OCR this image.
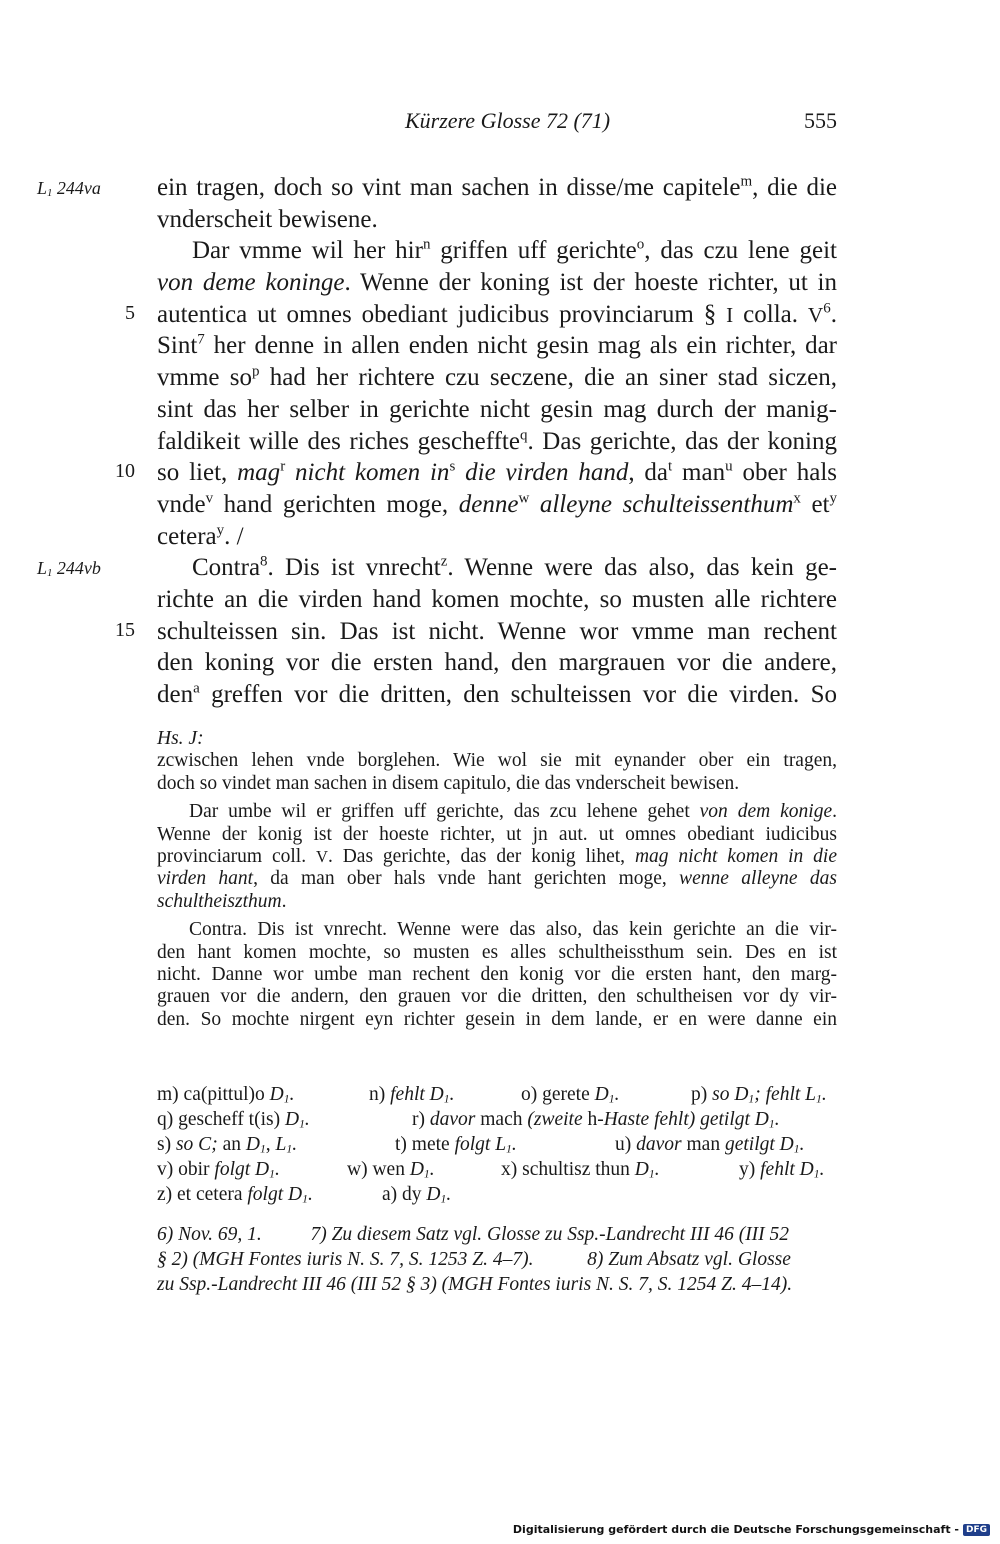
Kürzere Glosse 72 (71)	555
$L_1$ 244va
$L_1$ 244vb
5
10
15
ein tragen, doch so vint man sachen in disse/me capitele$^m$, die die
vnderscheit bewisene.
Dar vmme wil her hir$^n$ griffen uff gerichte$^o$, das czu lene geit
von deme koninge. Wenne der koning ist der hoeste richter, ut in
autentica ut omnes obediant judicibus provinciarum § I colla. $V^6$.
Sint$^7$ her denne in allen enden nicht gesin mag als ein richter, dar
vmme $so^p$ had her richtere czu seczene, die an siner stad siczen,
sint das her selber in gerichte nicht gesin mag durch der manig-
faldikeit wille des riches gescheffte$^q$. Das gerichte, das der koning
so liet, mag$^r$ nicht komen $in^s$ die virden hand, $da^t$ man$^u$ ober hals
vnde$^v$ hand gerichten moge, denne$^w$ alleyne schulteissenthum$^x$ $et^y$
cetera$^y$. /
Contra$^8$. Dis ist vnrecht$^z$. Wenne were das also, das kein ge-
richte an die virden hand komen mochte, so musten alle richtere
schulteissen sin. Das ist nicht. Wenne wor vmme man rechent
den koning vor die ersten hand, den margrauen vor die andere,
den$^a$ greffen vor die dritten, den schulteissen vor die virden. So
Hs. J:
zcwischen lehen vnde borglehen. Wie wol sie mit eynander ober ein tragen,
doch so vindet man sachen in disem capitulo, die das vnderscheit bewisen.
Dar umbe wil er griffen uff gerichte, das zcu lehene gehet von dem konige.
Wenne der konig ist der hoeste richter, ut jn aut. ut omnes obediant iudicibus
provinciarum coll. V. Das gerichte, das der konig lihet, mag nicht komen in die
virden hant, da man ober hals vnde hant gerichten moge, wenne alleyne das
schultheiszthum.
Contra. Dis ist vnrecht. Wenne were das also, das kein gerichte an die vir-
den hant komen mochte, so musten es alles schultheissthum sein. Des en ist
nicht. Danne wor umbe man rechent den konig vor die ersten hant, den marg-
grauen vor die andern, den grauen vor die dritten, den schultheisen vor dy vir-
den. So mochte nirgent eyn richter gesein in dem lande, er en were danne ein
m) ca(pittul)o $D_1$.	n) fehlt $D_1$.	o) gerete $D_1$.	p) so $D_1$; fehlt $L_1$.
q) gescheff t(is) $D_1$.	r) davor mach (zweite h-Haste fehlt) getilgt $D_1$.
s) so C; an $D_1$, $L_1$.	t) mete folgt $L_1$.	u) davor man getilgt $D_1$.
v) obir folgt $D_1$.	w) wen $D_1$.	x) schultisz thun $D_1$.	y) fehlt $D_1$.
z) et cetera folgt $D_1$.	a) dy $D_1$.
6) Nov. 69, 1.          7) Zu diesem Satz vgl. Glosse zu Ssp.-Landrecht III 46 (III 52
§ 2) (MGH Fontes iuris N. S. 7, S. 1253 Z. 4–7).           8) Zum Absatz vgl. Glosse
zu Ssp.-Landrecht III 46 (III 52 § 3) (MGH Fontes iuris N. S. 7, S. 1254 Z. 4–14).
Digitalisierung gefördert durch die Deutsche Forschungsgemeinschaft - DFG
